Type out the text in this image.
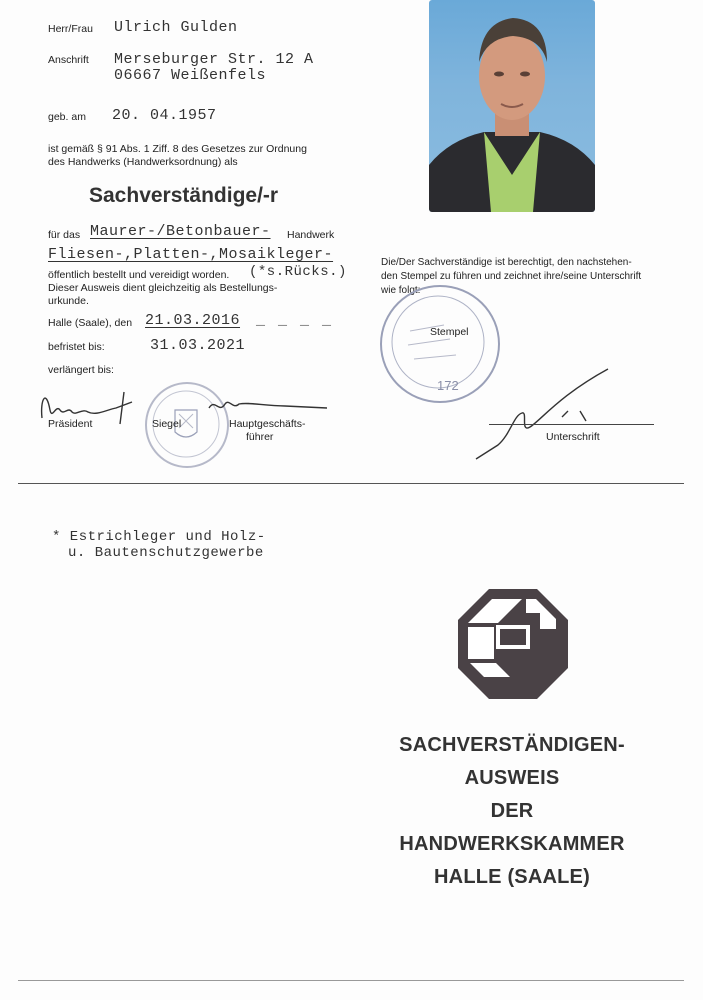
Herr/Frau Ulrich Gulden
Anschrift Merseburger Str. 12 A
06667 Weißenfels
geb. am 20. 04.1957
ist gemäß § 91 Abs. 1 Ziff. 8 des Gesetzes zur Ordnung
des Handwerks (Handwerksordnung) als
Sachverständige/-r
für das Maurer-/Betonbauer- Handwerk
Fliesen-,Platten-,Mosaikleger-
öffentlich bestellt und vereidigt worden. (*s.Rücks.)
Dieser Ausweis dient gleichzeitig als Bestellungs-
urkunde.
Halle (Saale), den 21.03.2016 _ _ _ _
befristet bis:	31.03.2021
verlängert bis:
Präsident	Siegel	Hauptgeschäfts-
führer
Die/Der Sachverständige ist berechtigt, den nachstehen-
den Stempel zu führen und zeichnet ihre/seine Unterschrift
wie folgt:
Stempel
172
Unterschrift
* Estrichleger und Holz-
u. Bautenschutzgewerbe
SACHVERSTÄNDIGEN-
AUSWEIS
DER
HANDWERKSKAMMER
HALLE (SAALE)
